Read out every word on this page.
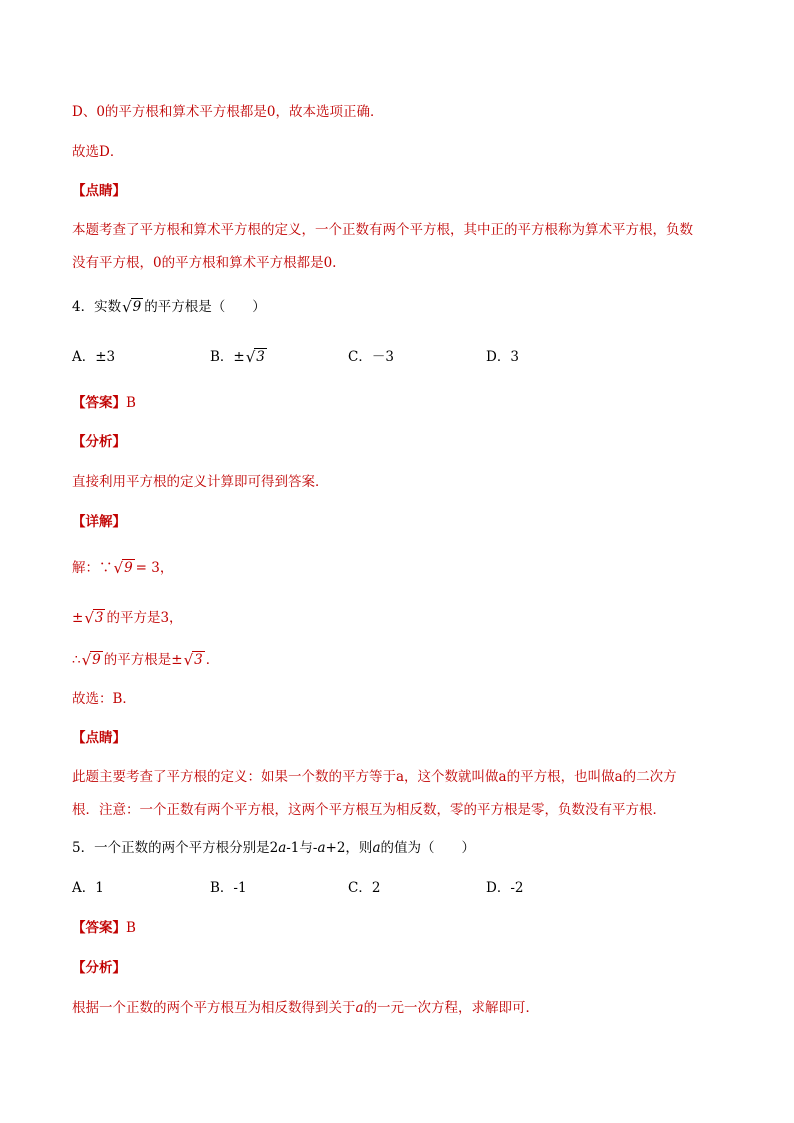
D、0的平方根和算术平方根都是0，故本选项正确．
故选D．
【点睛】
本题考查了平方根和算术平方根的定义，一个正数有两个平方根，其中正的平方根称为算术平方根，负数
没有平方根，0的平方根和算术平方根都是0.
4．实数√9 的平方根是（　　）
A．±3	B．±√3	C．－3	D．3
【答案】B
【分析】
直接利用平方根的定义计算即可得到答案．
【详解】
解：∵√9 = 3，
±√3 的平方是3，
∴√9 的平方根是±√3 ．
故选：B．
【点睛】
此题主要考查了平方根的定义：如果一个数的平方等于a，这个数就叫做a的平方根，也叫做a的二次方
根．注意：一个正数有两个平方根，这两个平方根互为相反数，零的平方根是零，负数没有平方根．
5．一个正数的两个平方根分别是2a-1与-a+2，则a的值为（　　）
A．1	B．-1	C．2	D．-2
【答案】B
【分析】
根据一个正数的两个平方根互为相反数得到关于a的一元一次方程，求解即可．
